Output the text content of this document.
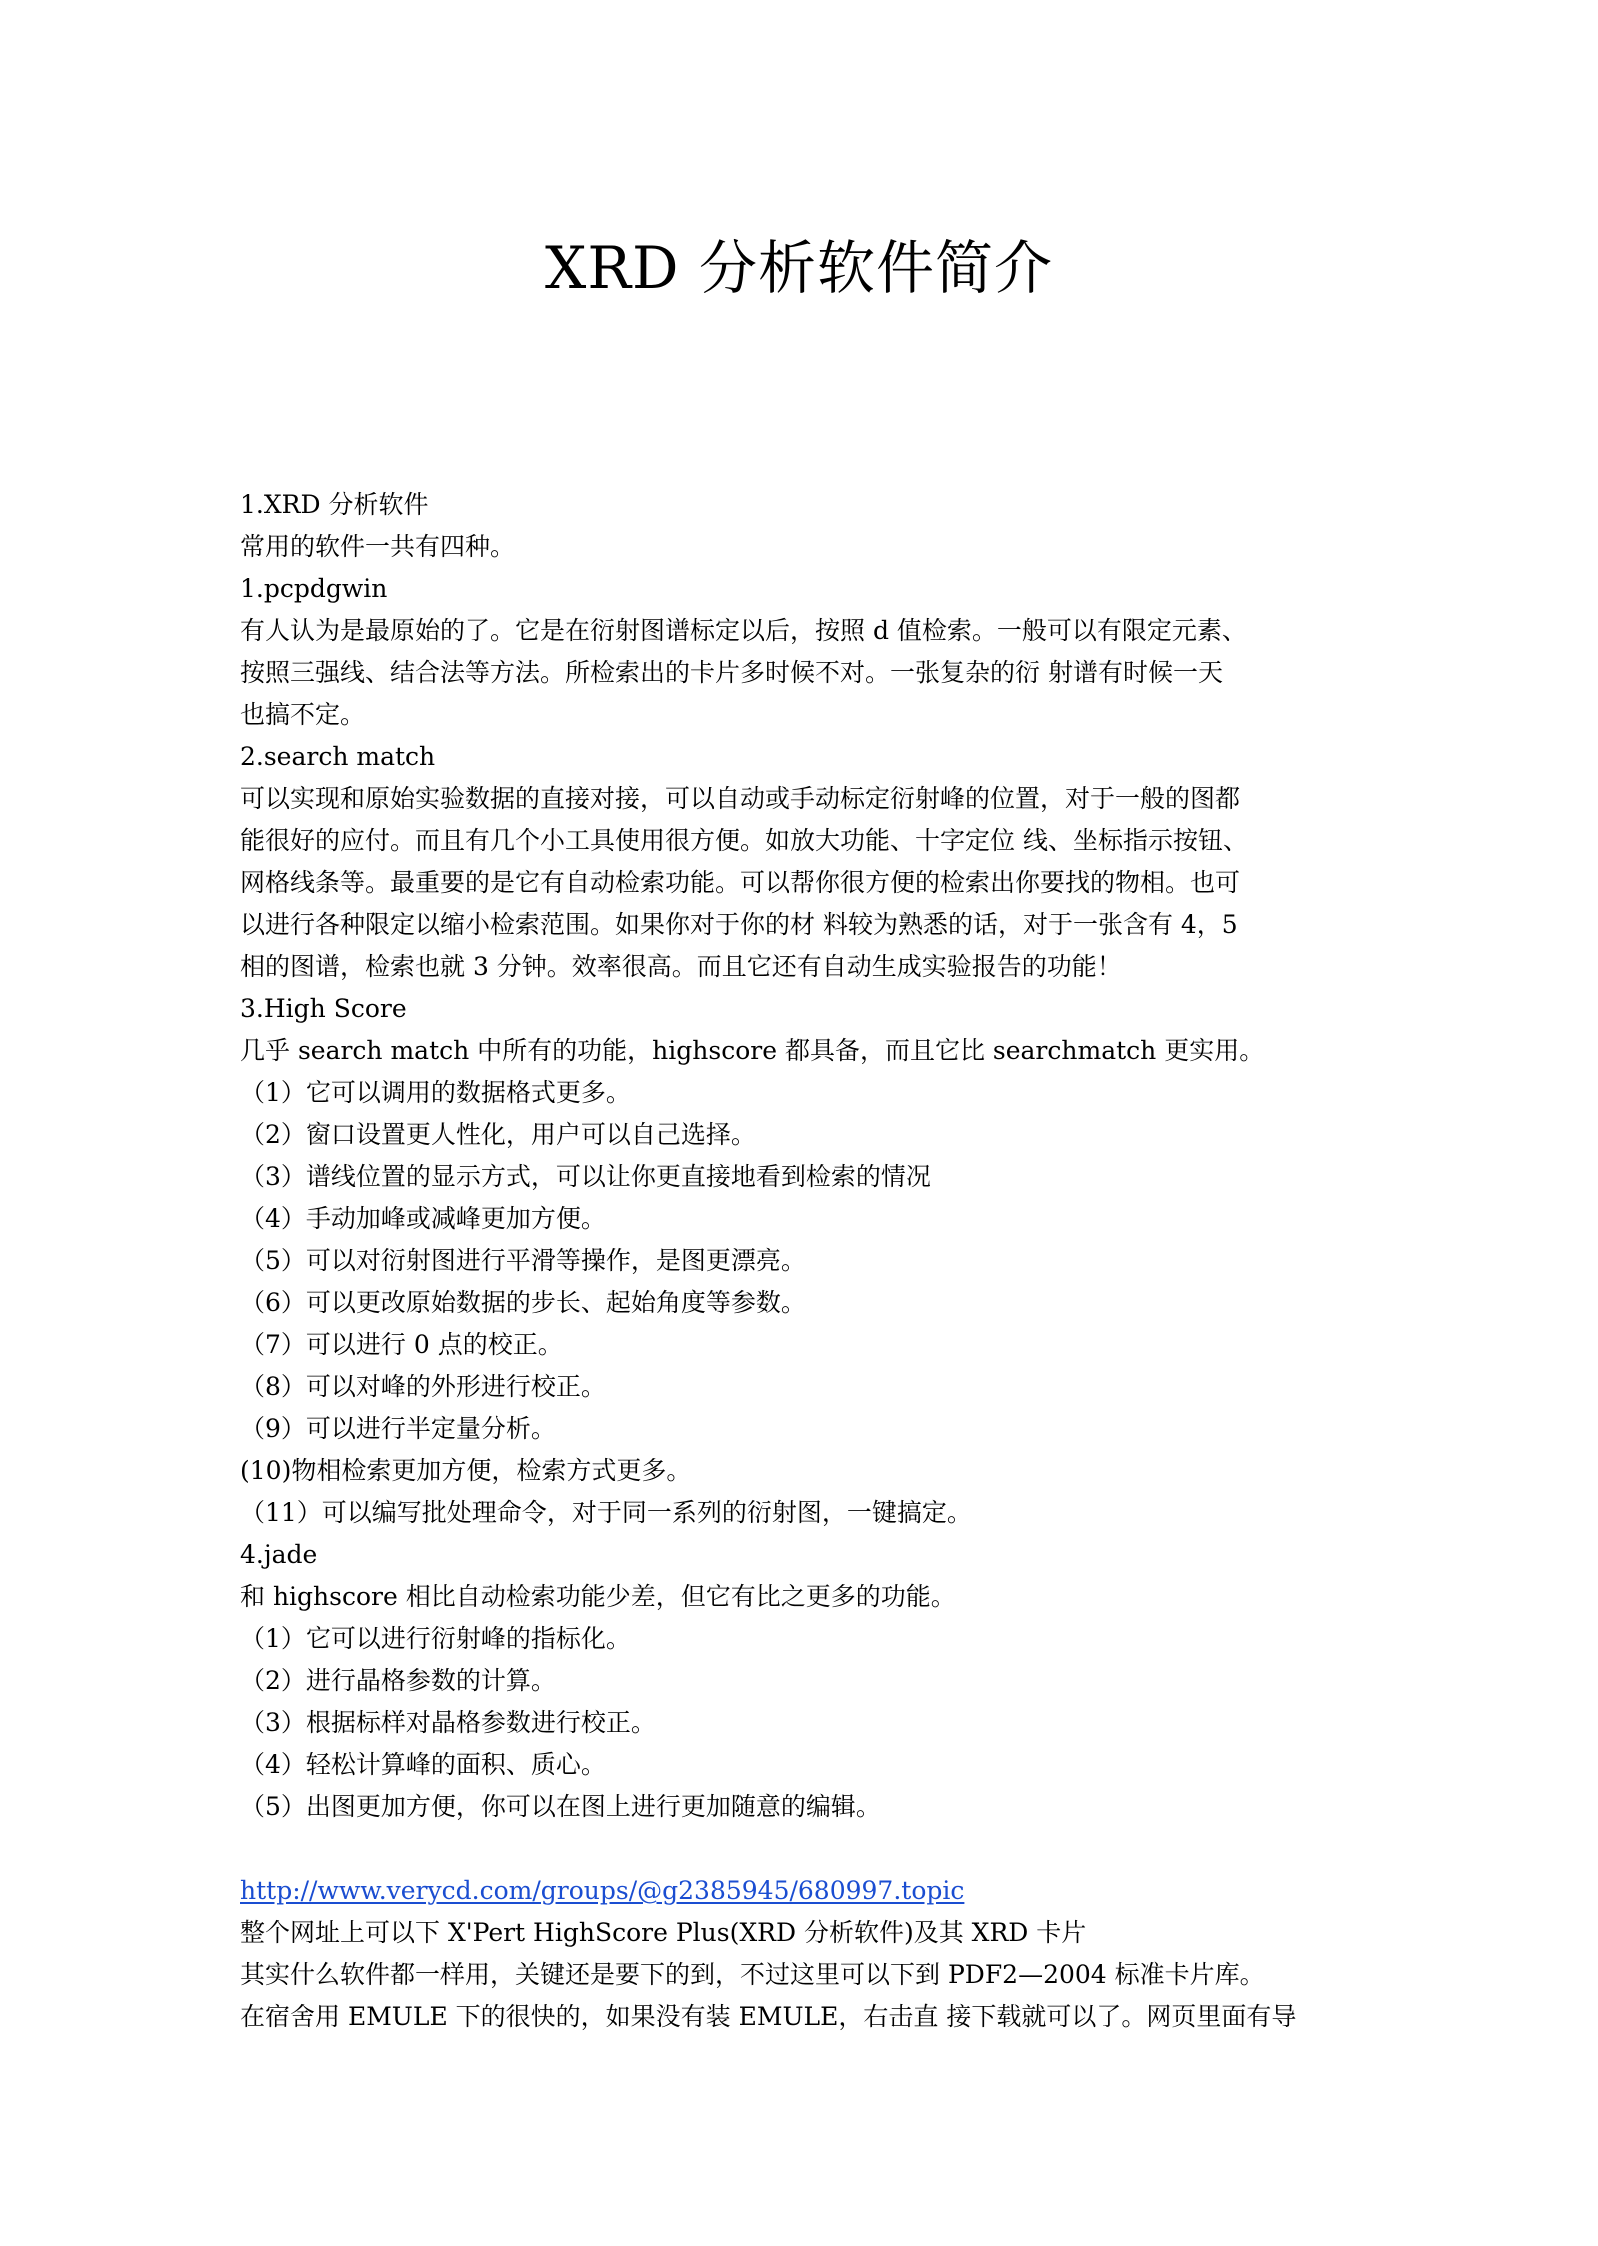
XRD 分析软件简介
1.XRD 分析软件
常用的软件一共有四种。
1.pcpdgwin
有人认为是最原始的了。它是在衍射图谱标定以后，按照 d 值检索。一般可以有限定元素、
按照三强线、结合法等方法。所检索出的卡片多时候不对。一张复杂的衍 射谱有时候一天
也搞不定。
2.search match
可以实现和原始实验数据的直接对接，可以自动或手动标定衍射峰的位置，对于一般的图都
能很好的应付。而且有几个小工具使用很方便。如放大功能、十字定位 线、坐标指示按钮、
网格线条等。最重要的是它有自动检索功能。可以帮你很方便的检索出你要找的物相。也可
以进行各种限定以缩小检索范围。如果你对于你的材 料较为熟悉的话，对于一张含有 4，5
相的图谱，检索也就 3 分钟。效率很高。而且它还有自动生成实验报告的功能！
3.High Score
几乎 search match 中所有的功能，highscore 都具备，而且它比 searchmatch 更实用。
（1）它可以调用的数据格式更多。
（2）窗口设置更人性化，用户可以自己选择。
（3）谱线位置的显示方式，可以让你更直接地看到检索的情况
（4）手动加峰或减峰更加方便。
（5）可以对衍射图进行平滑等操作，是图更漂亮。
（6）可以更改原始数据的步长、起始角度等参数。
（7）可以进行 0 点的校正。
（8）可以对峰的外形进行校正。
（9）可以进行半定量分析。
(10)物相检索更加方便，检索方式更多。
（11）可以编写批处理命令，对于同一系列的衍射图，一键搞定。
4.jade
和 highscore 相比自动检索功能少差，但它有比之更多的功能。
（1）它可以进行衍射峰的指标化。
（2）进行晶格参数的计算。
（3）根据标样对晶格参数进行校正。
（4）轻松计算峰的面积、质心。
（5）出图更加方便，你可以在图上进行更加随意的编辑。
http://www.verycd.com/groups/@g2385945/680997.topic
整个网址上可以下 X'Pert HighScore Plus(XRD 分析软件)及其 XRD 卡片
其实什么软件都一样用，关键还是要下的到，不过这里可以下到 PDF2—2004 标准卡片库。
在宿舍用 EMULE 下的很快的，如果没有装 EMULE，右击直 接下载就可以了。网页里面有导
